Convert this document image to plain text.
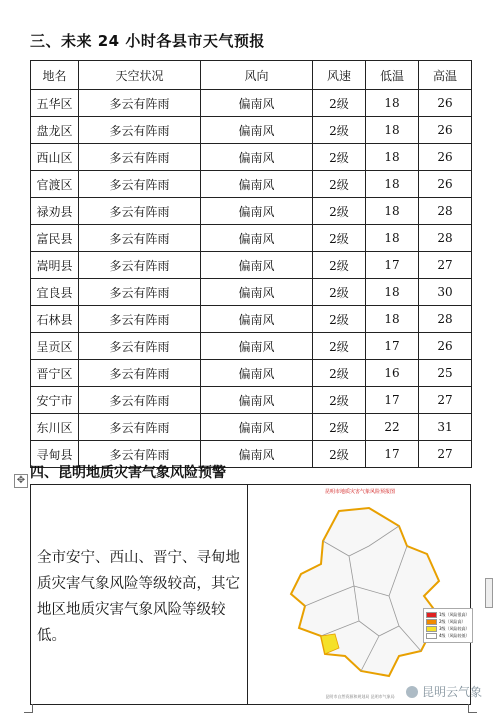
三、未来 24 小时各县市天气预报
地名	天空状况	风向	风速	低温	高温
五华区	多云有阵雨	偏南风	2级	18	26
盘龙区	多云有阵雨	偏南风	2级	18	26
西山区	多云有阵雨	偏南风	2级	18	26
官渡区	多云有阵雨	偏南风	2级	18	26
禄劝县	多云有阵雨	偏南风	2级	18	28
富民县	多云有阵雨	偏南风	2级	18	28
嵩明县	多云有阵雨	偏南风	2级	17	27
宜良县	多云有阵雨	偏南风	2级	18	30
石林县	多云有阵雨	偏南风	2级	18	28
呈贡区	多云有阵雨	偏南风	2级	17	26
晋宁区	多云有阵雨	偏南风	2级	16	25
安宁市	多云有阵雨	偏南风	2级	17	27
东川区	多云有阵雨	偏南风	2级	22	31
寻甸县	多云有阵雨	偏南风	2级	17	27
四、昆明地质灾害气象风险预警
✥
全市安宁、西山、晋宁、寻甸地质灾害气象风险等级较高，其它地区地质灾害气象风险等级较低。
昆明市地质灾害气象风险预报图
1级（风险很高）
2级（风险高）
3级（风险较高）
4级（风险较低）
昆明市自然资源和规划局 昆明市气象局	昆明云气象
